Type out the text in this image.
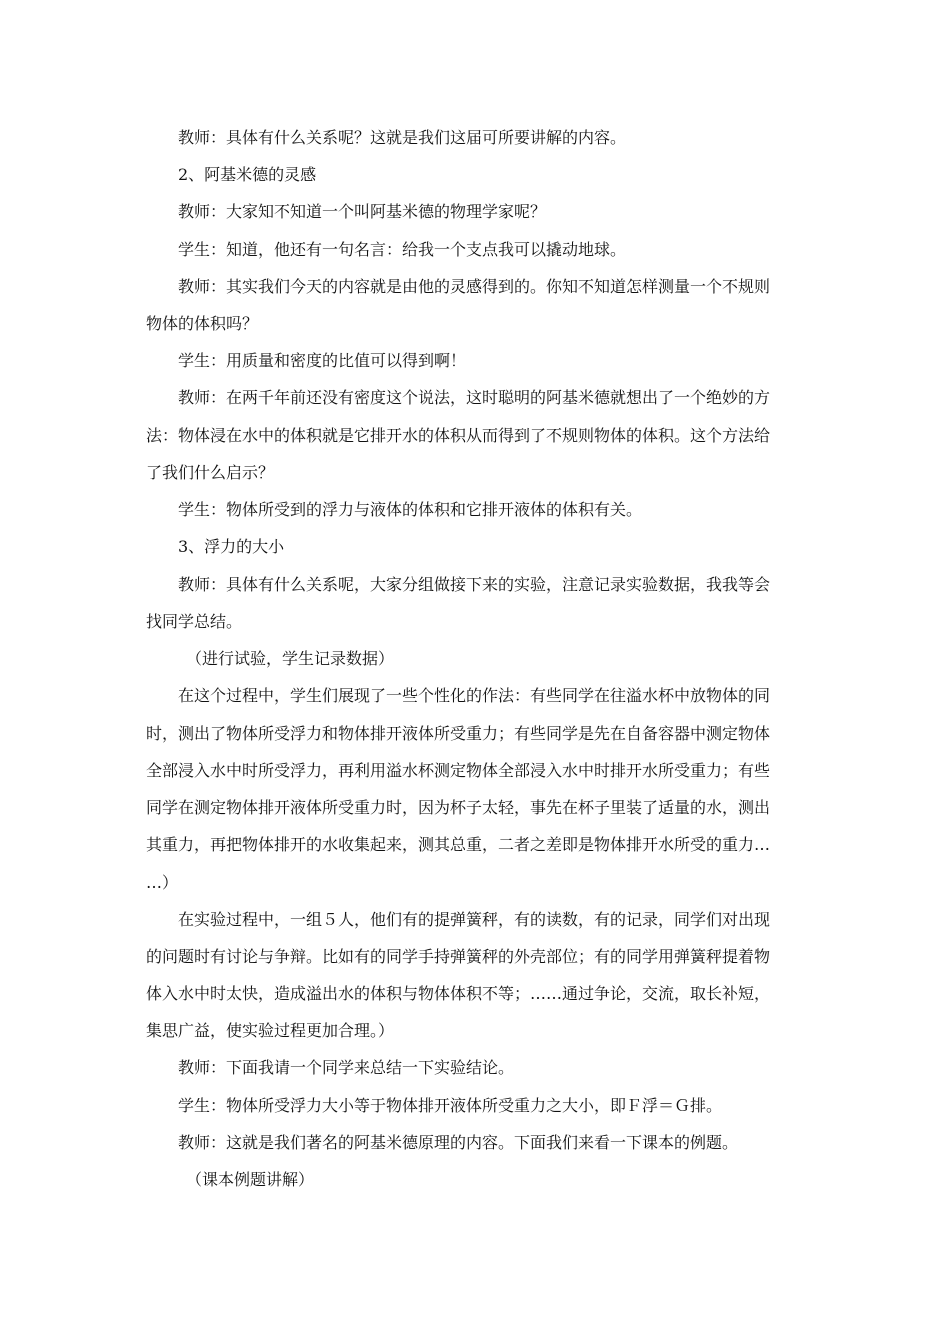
教师：具体有什么关系呢？这就是我们这届可所要讲解的内容。
2、阿基米德的灵感
教师：大家知不知道一个叫阿基米德的物理学家呢？
学生：知道，他还有一句名言：给我一个支点我可以撬动地球。
教师：其实我们今天的内容就是由他的灵感得到的。你知不知道怎样测量一个不规则
物体的体积吗？
学生：用质量和密度的比值可以得到啊！
教师：在两千年前还没有密度这个说法，这时聪明的阿基米德就想出了一个绝妙的方
法：物体浸在水中的体积就是它排开水的体积从而得到了不规则物体的体积。这个方法给
了我们什么启示？
学生：物体所受到的浮力与液体的体积和它排开液体的体积有关。
3、浮力的大小
教师：具体有什么关系呢，大家分组做接下来的实验，注意记录实验数据，我我等会
找同学总结。
（进行试验，学生记录数据）
在这个过程中，学生们展现了一些个性化的作法：有些同学在往溢水杯中放物体的同
时，测出了物体所受浮力和物体排开液体所受重力；有些同学是先在自备容器中测定物体
全部浸入水中时所受浮力，再利用溢水杯测定物体全部浸入水中时排开水所受重力；有些
同学在测定物体排开液体所受重力时，因为杯子太轻，事先在杯子里装了适量的水，测出
其重力，再把物体排开的水收集起来，测其总重，二者之差即是物体排开水所受的重力…
…）
在实验过程中，一组５人，他们有的提弹簧秤，有的读数，有的记录，同学们对出现
的问题时有讨论与争辩。比如有的同学手持弹簧秤的外壳部位；有的同学用弹簧秤提着物
体入水中时太快，造成溢出水的体积与物体体积不等；……通过争论，交流，取长补短，
集思广益，使实验过程更加合理。）
教师：下面我请一个同学来总结一下实验结论。
学生：物体所受浮力大小等于物体排开液体所受重力之大小，即Ｆ浮＝Ｇ排。
教师：这就是我们著名的阿基米德原理的内容。下面我们来看一下课本的例题。
（课本例题讲解）
